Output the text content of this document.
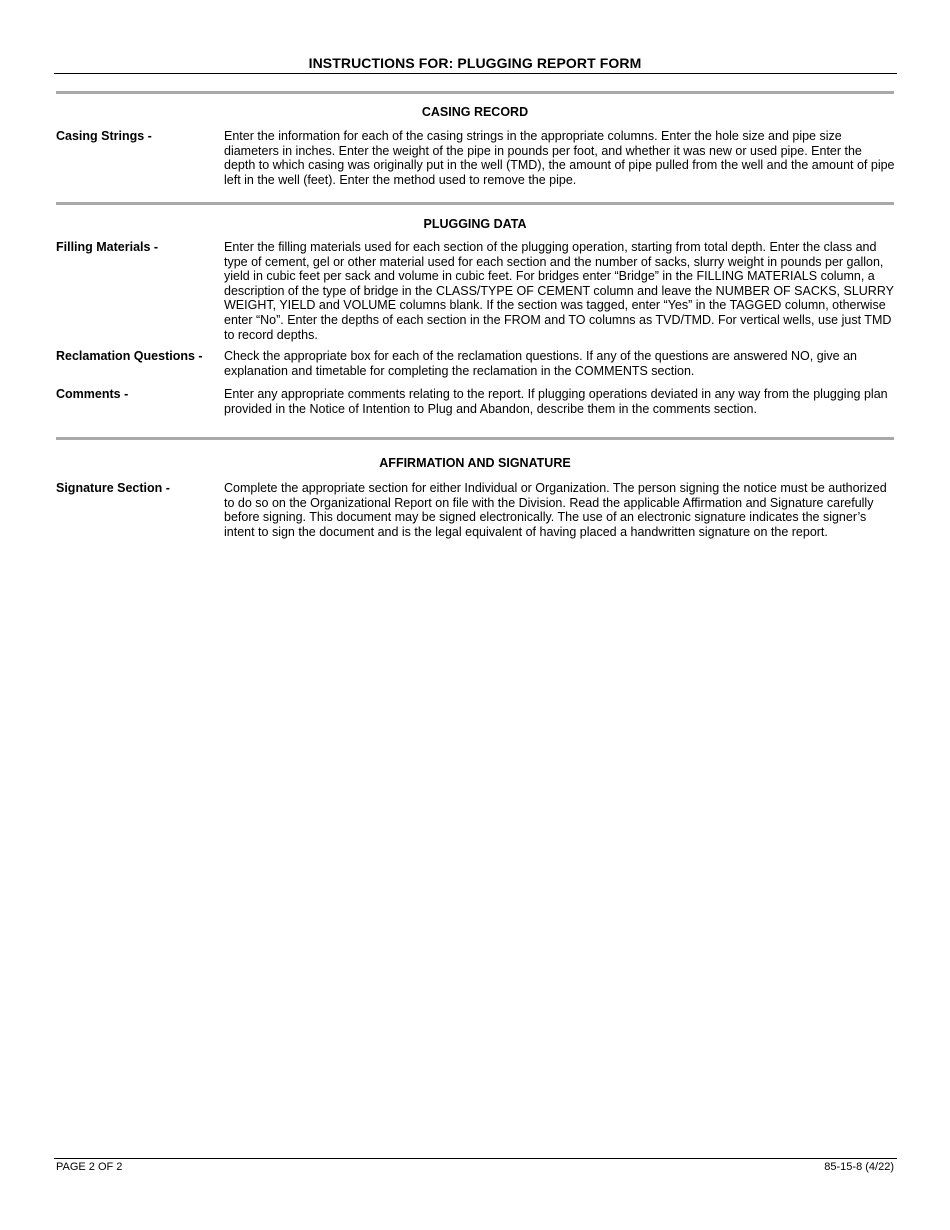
INSTRUCTIONS FOR: PLUGGING REPORT FORM
CASING RECORD
Casing Strings -	Enter the information for each of the casing strings in the appropriate columns. Enter the hole size and pipe size diameters in inches. Enter the weight of the pipe in pounds per foot, and whether it was new or used pipe. Enter the depth to which casing was originally put in the well (TMD), the amount of pipe pulled from the well and the amount of pipe left in the well (feet). Enter the method used to remove the pipe.
PLUGGING DATA
Filling Materials -	Enter the filling materials used for each section of the plugging operation, starting from total depth. Enter the class and type of cement, gel or other material used for each section and the number of sacks, slurry weight in pounds per gallon, yield in cubic feet per sack and volume in cubic feet. For bridges enter “Bridge” in the FILLING MATERIALS column, a description of the type of bridge in the CLASS/TYPE OF CEMENT column and leave the NUMBER OF SACKS, SLURRY WEIGHT, YIELD and VOLUME columns blank. If the section was tagged, enter “Yes” in the TAGGED column, otherwise enter “No”. Enter the depths of each section in the FROM and TO columns as TVD/TMD. For vertical wells, use just TMD to record depths.
Reclamation Questions -	Check the appropriate box for each of the reclamation questions. If any of the questions are answered NO, give an explanation and timetable for completing the reclamation in the COMMENTS section.
Comments -	Enter any appropriate comments relating to the report. If plugging operations deviated in any way from the plugging plan provided in the Notice of Intention to Plug and Abandon, describe them in the comments section.
AFFIRMATION AND SIGNATURE
Signature Section -	Complete the appropriate section for either Individual or Organization. The person signing the notice must be authorized to do so on the Organizational Report on file with the Division. Read the applicable Affirmation and Signature carefully before signing. This document may be signed electronically. The use of an electronic signature indicates the signer’s intent to sign the document and is the legal equivalent of having placed a handwritten signature on the report.
PAGE 2 OF 2	85-15-8 (4/22)
